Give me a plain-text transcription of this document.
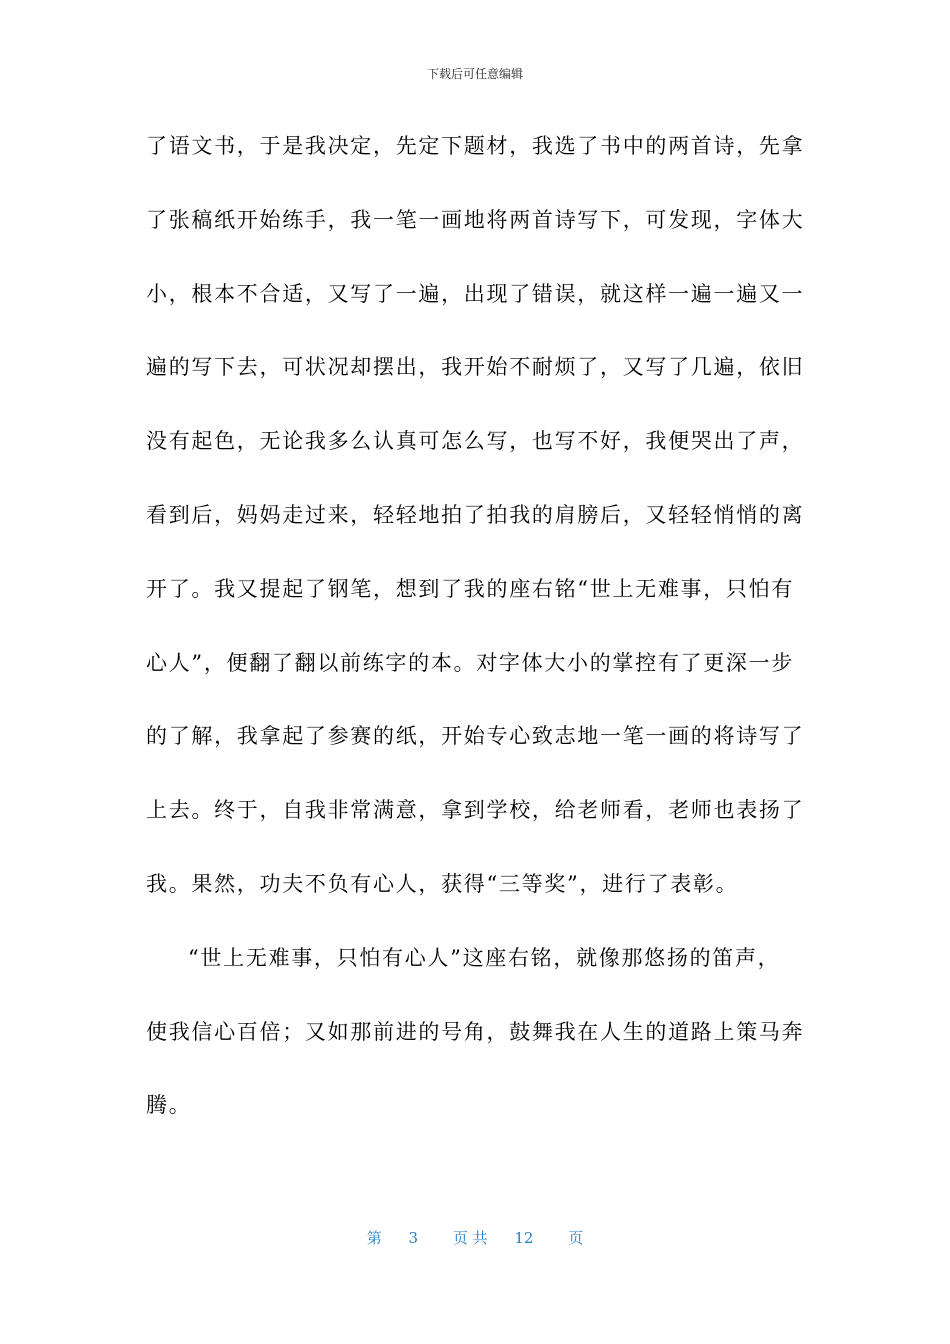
下载后可任意编辑
了语文书，于是我决定，先定下题材，我选了书中的两首诗，先拿
了张稿纸开始练手，我一笔一画地将两首诗写下，可发现，字体大
小，根本不合适，又写了一遍，出现了错误，就这样一遍一遍又一
遍的写下去，可状况却摆出，我开始不耐烦了，又写了几遍，依旧
没有起色，无论我多么认真可怎么写，也写不好，我便哭出了声，
看到后，妈妈走过来，轻轻地拍了拍我的肩膀后，又轻轻悄悄的离
开了。我又提起了钢笔，想到了我的座右铭“世上无难事，只怕有
心人”，便翻了翻以前练字的本。对字体大小的掌控有了更深一步
的了解，我拿起了参赛的纸，开始专心致志地一笔一画的将诗写了
上去。终于，自我非常满意，拿到学校，给老师看，老师也表扬了
我。果然，功夫不负有心人，获得“三等奖”，进行了表彰。
“世上无难事，只怕有心人”这座右铭，就像那悠扬的笛声，
使我信心百倍；又如那前进的号角，鼓舞我在人生的道路上策马奔
腾。
第 3 页 共 12 页
